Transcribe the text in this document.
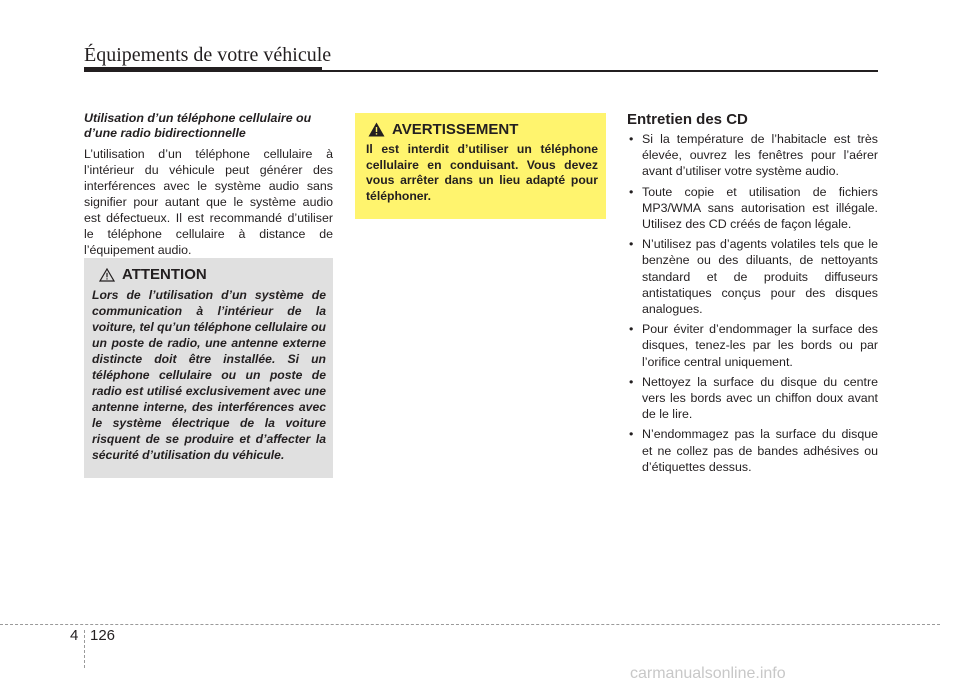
Équipements de votre véhicule

Utilisation d’un téléphone cellulaire ou d’une radio bidirectionnelle

L’utilisation d’un téléphone cellulaire à l’intérieur du véhicule peut générer des interférences avec le système audio sans signifier pour autant que le système audio est défectueux. Il est recommandé d’utiliser le téléphone cellulaire à distance de l’équipement audio.

ATTENTION

Lors de l’utilisation d’un système de communication à l’intérieur de la voiture, tel qu’un téléphone cellulaire ou un poste de radio, une antenne externe distincte doit être installée. Si un téléphone cellulaire ou un poste de radio est utilisé exclusivement avec une antenne interne, des interférences avec le système électrique de la voiture risquent de se produire et d’affecter la sécurité d’utilisation du véhicule.

AVERTISSEMENT

Il est interdit d’utiliser un téléphone cellulaire en conduisant. Vous devez vous arrêter dans un lieu adapté pour téléphoner.

Entretien des CD
• Si la température de l’habitacle est très élevée, ouvrez les fenêtres pour l’aérer avant d’utiliser votre système audio.
• Toute copie et utilisation de fichiers MP3/WMA sans autorisation est illégale. Utilisez des CD créés de façon légale.
• N’utilisez pas d’agents volatiles tels que le benzène ou des diluants, de nettoyants standard et de produits diffuseurs antistatiques conçus pour des disques analogues.
• Pour éviter d’endommager la surface des disques, tenez-les par les bords ou par l’orifice central uniquement.
• Nettoyez la surface du disque du centre vers les bords avec un chiffon doux avant de le lire.
• N’endommagez pas la surface du disque et ne collez pas de bandes adhésives ou d’étiquettes dessus.
4 126
carmanualsonline.info
